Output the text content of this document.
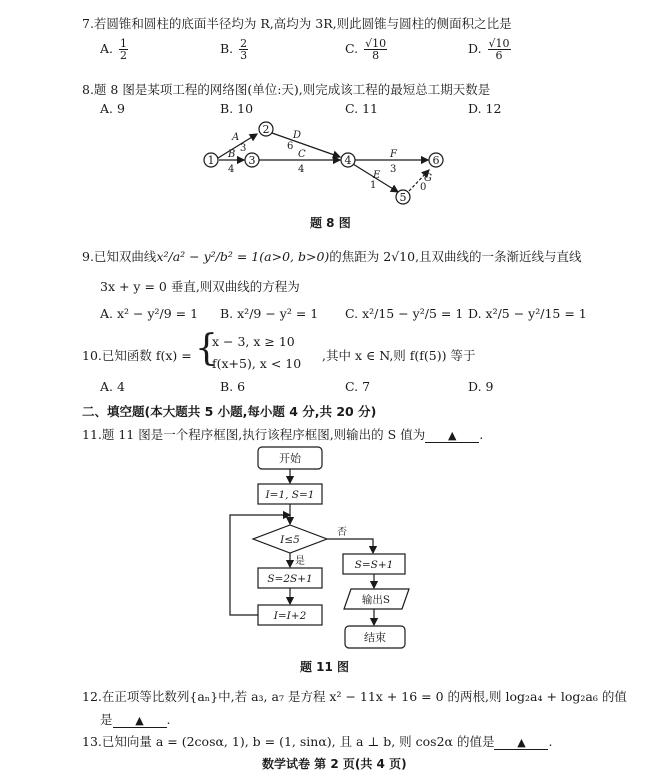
7.若圆锥和圆柱的底面半径均为 R,高均为 3R,则此圆锥与圆柱的侧面积之比是
A. $\frac{1}{2}$	B. $\frac{2}{3}$	C. $\frac{√10}{8}$	D. $\frac{√10}{6}$
8.题 8 图是某项工程的网络图(单位:天),则完成该工程的最短总工期天数是
A. 9	B. 10	C. 11	D. 12
1
2
3	4
5
6
A
3
B
4
C
4
D
6
E
1
F
3
G
0
题 8 图
9.已知双曲线x²/a² − y²/b² = 1(a>0, b>0)的焦距为 2√10,且双曲线的一条渐近线与直线
3x + y = 0 垂直,则双曲线的方程为
A. x² − y²/9 = 1 B. x²/9 − y² = 1 C. x²/15 − y²/5 = 1 D. x²/5 − y²/15 = 1
10.已知函数 f(x) = {
x − 3, x ≥ 10
f(x+5), x < 10
,其中 x ∈ N,则 f(f(5)) 等于
A. 4	B. 6	C. 7	D. 9
二、填空题(本大题共 5 小题,每小题 4 分,共 20 分)
11.题 11 图是一个程序框图,执行该程序框图,则输出的 S 值为 ▲ .
开始
I=1, S=1
I≤5
是
S=2S+1
I=I+2
否
S=S+1
输出S
结束
题 11 图
12.在正项等比数列{aₙ}中,若 a₃, a₇ 是方程 x² − 11x + 16 = 0 的两根,则 log₂a₄ + log₂a₆ 的值
是 ▲ .
13.已知向量 a = (2cosα, 1), b = (1, sinα), 且 a ⊥ b, 则 cos2α 的值是 ▲ .
数学试卷 第 2 页(共 4 页)
